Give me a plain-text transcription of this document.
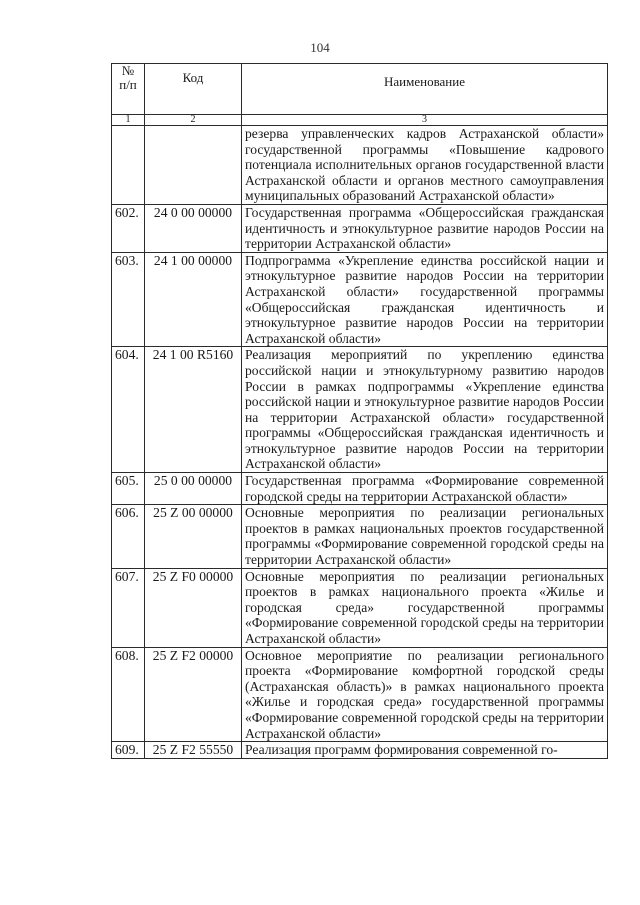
104
№ п/п	Код	Наименование
1	2	3
		резерва управленческих кадров Астраханской области» государственной программы «Повышение кадрового потенциала исполнительных органов государственной власти Астраханской области и органов местного самоуправления муниципальных образований Астраханской области»
602.	24 0 00 00000	Государственная программа «Общероссийская гражданская идентичность и этнокультурное развитие народов России на территории Астраханской области»
603.	24 1 00 00000	Подпрограмма «Укрепление единства российской нации и этнокультурное развитие народов России на территории Астраханской области» государственной программы «Общероссийская гражданская идентичность и этнокультурное развитие народов России на территории Астраханской области»
604.	24 1 00 R5160	Реализация мероприятий по укреплению единства российской нации и этнокультурному развитию народов России в рамках подпрограммы «Укрепление единства российской нации и этнокультурное развитие народов России на территории Астраханской области» государственной программы «Общероссийская гражданская идентичность и этнокультурное развитие народов России на территории Астраханской области»
605.	25 0 00 00000	Государственная программа «Формирование современной городской среды на территории Астраханской области»
606.	25 Z 00 00000	Основные мероприятия по реализации региональных проектов в рамках национальных проектов государственной программы «Формирование современной городской среды на территории Астраханской области»
607.	25 Z F0 00000	Основные мероприятия по реализации региональных проектов в рамках национального проекта «Жилье и городская среда» государственной программы «Формирование современной городской среды на территории Астраханской области»
608.	25 Z F2 00000	Основное мероприятие по реализации регионального проекта «Формирование комфортной городской среды (Астраханская область)» в рамках национального проекта «Жилье и городская среда» государственной программы «Формирование современной городской среды на территории Астраханской области»
609.	25 Z F2 55550	Реализация программ формирования современной го-
